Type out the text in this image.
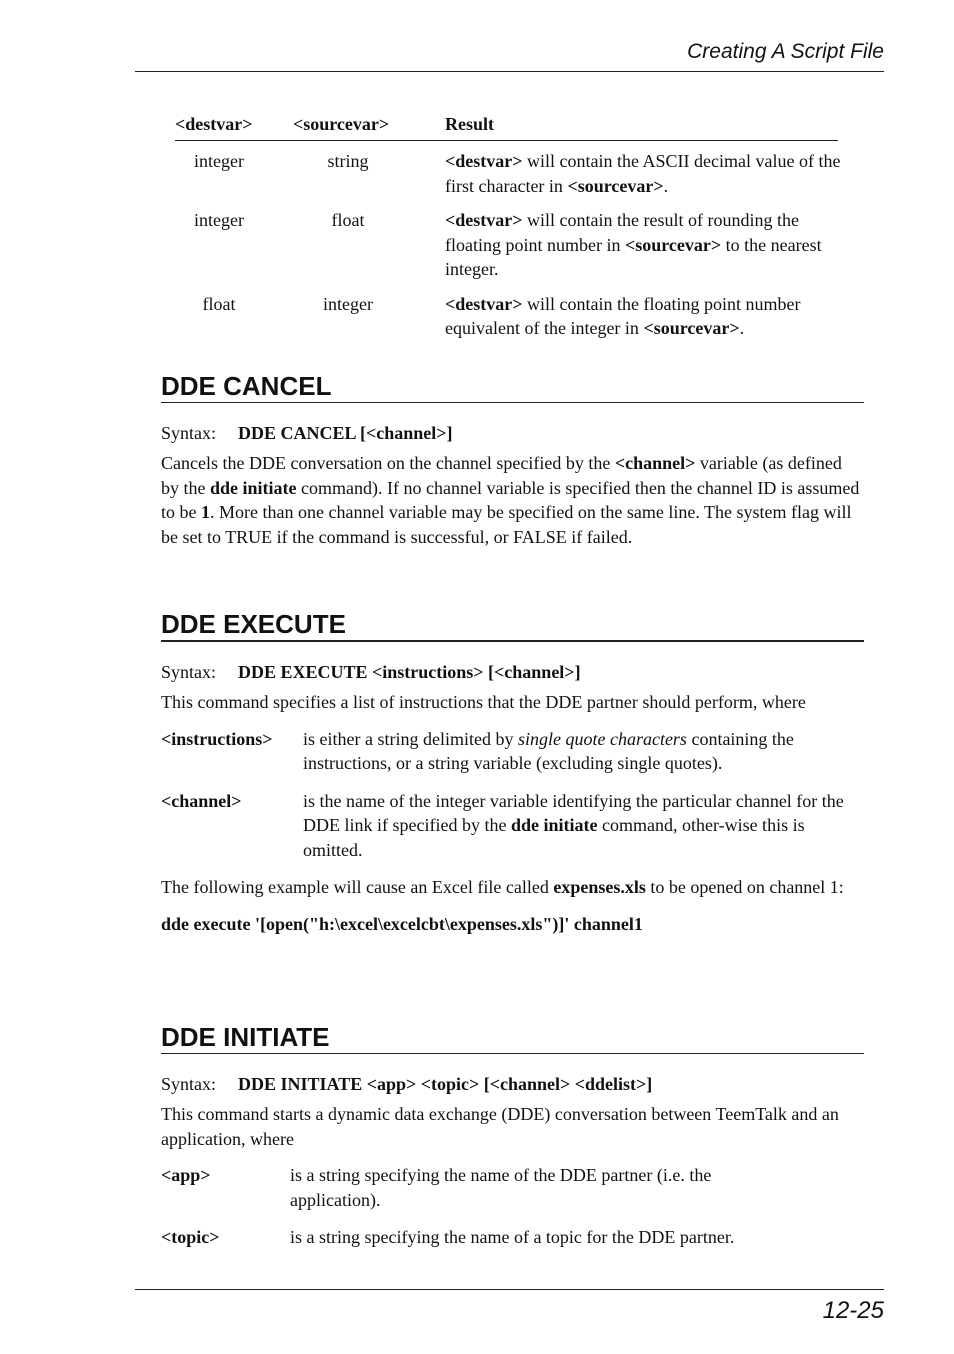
Creating A Script File
<destvar>	<sourcevar>	Result
integer	string	<destvar> will contain the ASCII decimal value of the first character in <sourcevar>.
integer	float	<destvar> will contain the result of rounding the floating point number in <sourcevar> to the nearest integer.
float	integer	<destvar> will contain the floating point number equivalent of the integer in <sourcevar>.
DDE CANCEL
Syntax: DDE CANCEL [<channel>]

Cancels the DDE conversation on the channel specified by the <channel> variable (as defined by the dde initiate command). If no channel variable is specified then the channel ID is assumed to be 1. More than one channel variable may be specified on the same line. The system flag will be set to TRUE if the command is successful, or FALSE if failed.

DDE EXECUTE
Syntax: DDE EXECUTE <instructions> [<channel>]

This command specifies a list of instructions that the DDE partner should perform, where

<instructions>	is either a string delimited by single quote characters containing the instructions, or a string variable (excluding single quotes).
<channel>	is the name of the integer variable identifying the particular channel for the DDE link if specified by the dde initiate command, other-wise this is omitted.

The following example will cause an Excel file called expenses.xls to be opened on channel 1:

dde execute '[open("h:\excel\excelcbt\expenses.xls")]' channel1
DDE INITIATE
Syntax: DDE INITIATE <app> <topic> [<channel> <ddelist>]

This command starts a dynamic data exchange (DDE) conversation between TeemTalk and an application, where

<app>	is a string specifying the name of the DDE partner (i.e. the application).
<topic>	is a string specifying the name of a topic for the DDE partner.
12-25
